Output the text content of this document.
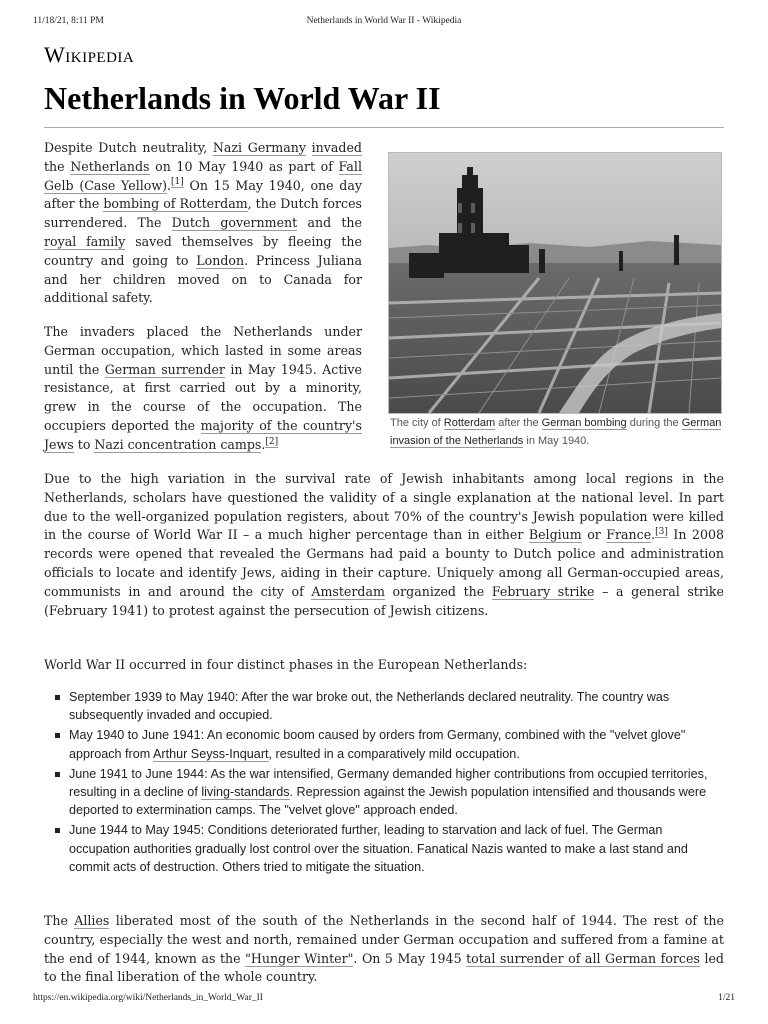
11/18/21, 8:11 PM	Netherlands in World War II - Wikipedia
Wikipedia
Netherlands in World War II

Despite Dutch neutrality, Nazi Germany invaded the Netherlands on 10 May 1940 as part of Fall Gelb (Case Yellow).[1] On 15 May 1940, one day after the bombing of Rotterdam, the Dutch forces surrendered. The Dutch government and the royal family saved themselves by fleeing the country and going to London. Princess Juliana and her children moved on to Canada for additional safety.

The invaders placed the Netherlands under German occupation, which lasted in some areas until the German surrender in May 1945. Active resistance, at first carried out by a minority, grew in the course of the occupation. The occupiers deported the majority of the country's Jews to Nazi concentration camps.[2]

The city of Rotterdam after the German bombing during the German invasion of the Netherlands in May 1940.

Due to the high variation in the survival rate of Jewish inhabitants among local regions in the Netherlands, scholars have questioned the validity of a single explanation at the national level. In part due to the well-organized population registers, about 70% of the country's Jewish population were killed in the course of World War II – a much higher percentage than in either Belgium or France.[3] In 2008 records were opened that revealed the Germans had paid a bounty to Dutch police and administration officials to locate and identify Jews, aiding in their capture. Uniquely among all German-occupied areas, communists in and around the city of Amsterdam organized the February strike – a general strike (February 1941) to protest against the persecution of Jewish citizens.

World War II occurred in four distinct phases in the European Netherlands:

September 1939 to May 1940: After the war broke out, the Netherlands declared neutrality. The country was subsequently invaded and occupied.
May 1940 to June 1941: An economic boom caused by orders from Germany, combined with the "velvet glove" approach from Arthur Seyss-Inquart, resulted in a comparatively mild occupation.
June 1941 to June 1944: As the war intensified, Germany demanded higher contributions from occupied territories, resulting in a decline of living-standards. Repression against the Jewish population intensified and thousands were deported to extermination camps. The "velvet glove" approach ended.
June 1944 to May 1945: Conditions deteriorated further, leading to starvation and lack of fuel. The German occupation authorities gradually lost control over the situation. Fanatical Nazis wanted to make a last stand and commit acts of destruction. Others tried to mitigate the situation.

The Allies liberated most of the south of the Netherlands in the second half of 1944. The rest of the country, especially the west and north, remained under German occupation and suffered from a famine at the end of 1944, known as the "Hunger Winter". On 5 May 1945 total surrender of all German forces led to the final liberation of the whole country.

https://en.wikipedia.org/wiki/Netherlands_in_World_War_II	1/21
